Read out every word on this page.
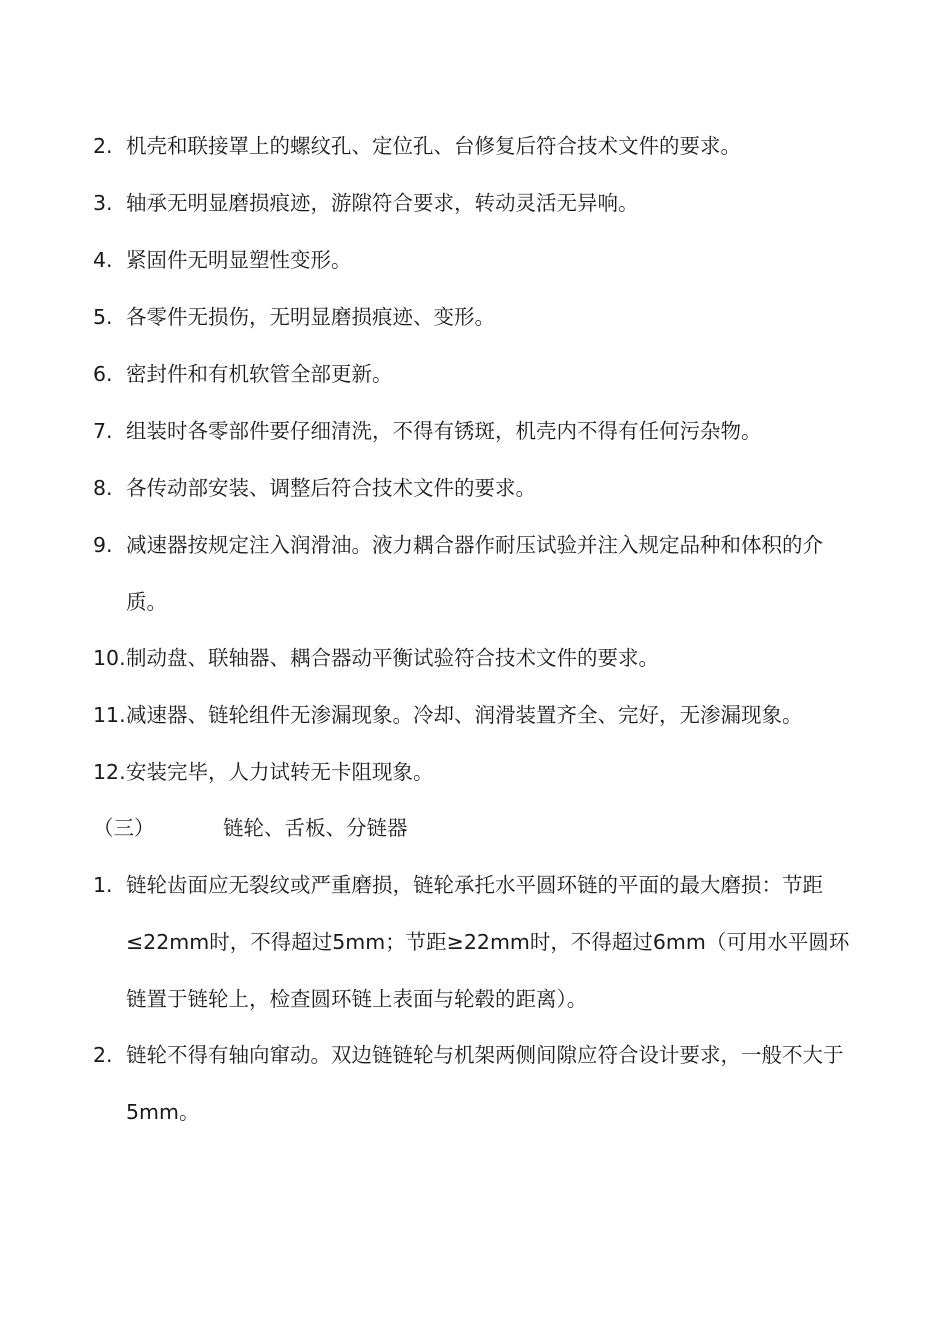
2. 机壳和联接罩上的螺纹孔、定位孔、台修复后符合技术文件的要求。
3. 轴承无明显磨损痕迹，游隙符合要求，转动灵活无异响。
4. 紧固件无明显塑性变形。
5. 各零件无损伤，无明显磨损痕迹、变形。
6. 密封件和有机软管全部更新。
7. 组装时各零部件要仔细清洗，不得有锈斑，机壳内不得有任何污杂物。
8. 各传动部安装、调整后符合技术文件的要求。
9. 减速器按规定注入润滑油。液力耦合器作耐压试验并注入规定品种和体积的介质。
10. 制动盘、联轴器、耦合器动平衡试验符合技术文件的要求。
11. 减速器、链轮组件无渗漏现象。冷却、润滑装置齐全、完好，无渗漏现象。
12. 安装完毕，人力试转无卡阻现象。
（三）	链轮、舌板、分链器
1. 链轮齿面应无裂纹或严重磨损，链轮承托水平圆环链的平面的最大磨损：节距≤22mm时，不得超过5mm；节距≥22mm时，不得超过6mm（可用水平圆环链置于链轮上，检查圆环链上表面与轮毂的距离）。
2. 链轮不得有轴向窜动。双边链链轮与机架两侧间隙应符合设计要求，一般不大于5mm。
